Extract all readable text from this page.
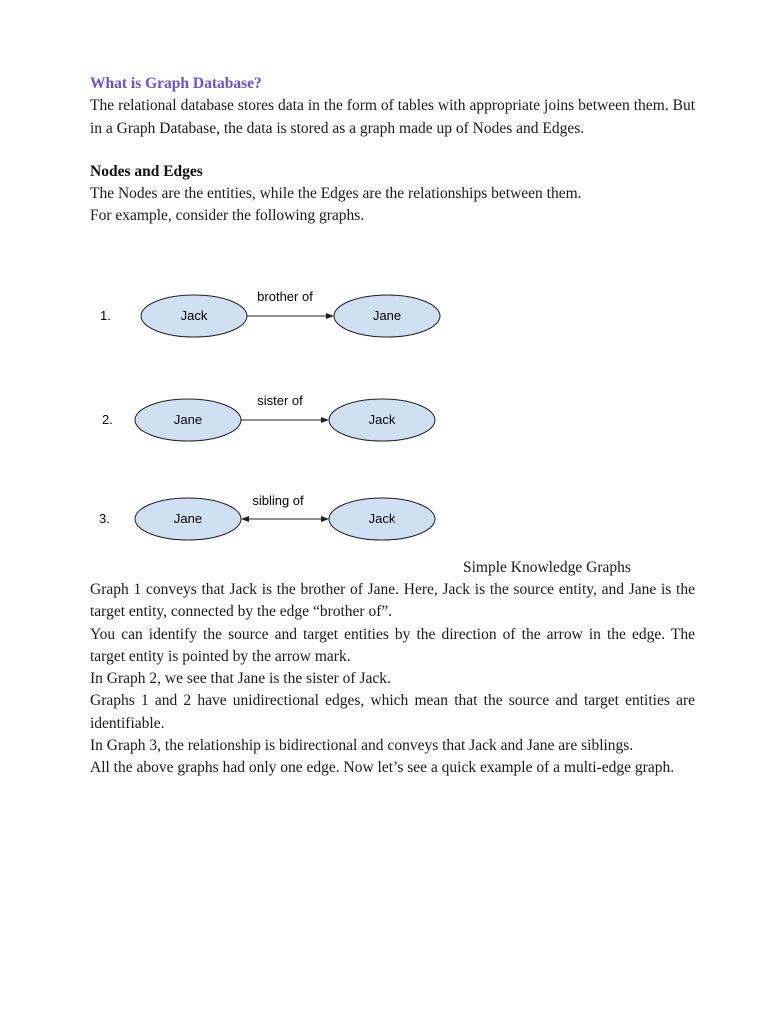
What is Graph Database?

The relational database stores data in the form of tables with appropriate joins between them. But in a Graph Database, the data is stored as a graph made up of Nodes and Edges.

Nodes and Edges

The Nodes are the entities, while the Edges are the relationships between them.

For example, consider the following graphs.

1.	Jack
brother of
Jane
2.	Jane
sister of
Jack
3.	Jane
sibling of
Jack

Simple Knowledge Graphs

Graph 1 conveys that Jack is the brother of Jane. Here, Jack is the source entity, and Jane is the target entity, connected by the edge “brother of”.

You can identify the source and target entities by the direction of the arrow in the edge. The target entity is pointed by the arrow mark.

In Graph 2, we see that Jane is the sister of Jack.

Graphs 1 and 2 have unidirectional edges, which mean that the source and target entities are identifiable.

In Graph 3, the relationship is bidirectional and conveys that Jack and Jane are siblings.

All the above graphs had only one edge. Now let’s see a quick example of a multi-edge graph.
